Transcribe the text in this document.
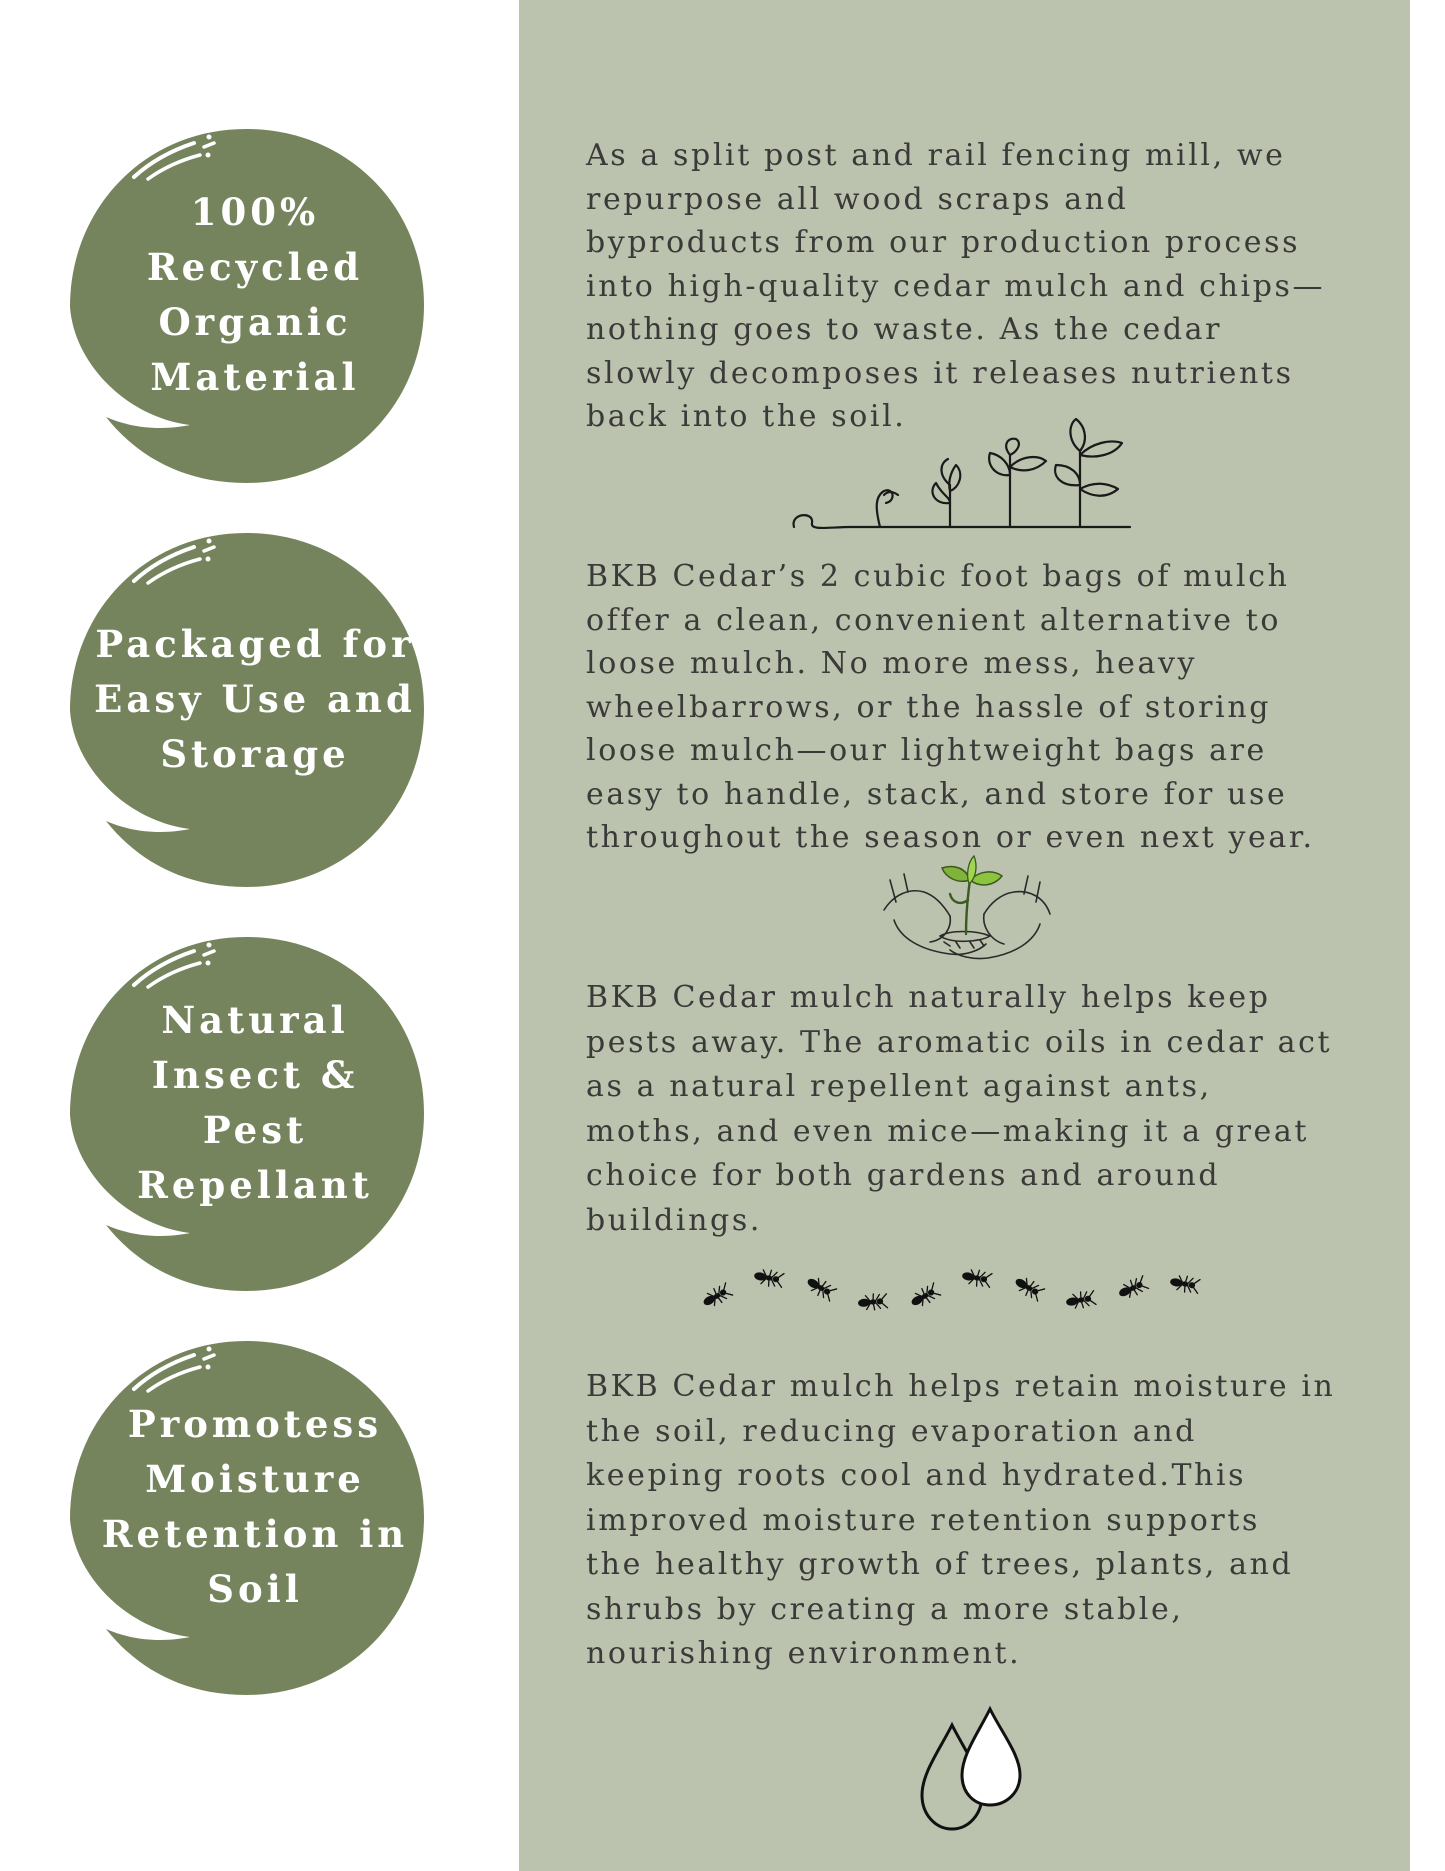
100%
Recycled
Organic
Material
Packaged for
Easy Use and
Storage
Natural
Insect & Pest
Repellant
Promotess
Moisture
Retention in
Soil
As a split post and rail fencing mill, we
repurpose all wood scraps and
byproducts from our production process
into high-quality cedar mulch and chips—
nothing goes to waste. As the cedar
slowly decomposes it releases nutrients
back into the soil.
BKB Cedar’s 2 cubic foot bags of mulch
offer a clean, convenient alternative to
loose mulch. No more mess, heavy
wheelbarrows, or the hassle of storing
loose mulch—our lightweight bags are
easy to handle, stack, and store for use
throughout the season or even next year.
BKB Cedar mulch naturally helps keep
pests away. The aromatic oils in cedar act
as a natural repellent against ants,
moths, and even mice—making it a great
choice for both gardens and around
buildings.
BKB Cedar mulch helps retain moisture in
the soil, reducing evaporation and
keeping roots cool and hydrated.This
improved moisture retention supports
the healthy growth of trees, plants, and
shrubs by creating a more stable,
nourishing environment.
